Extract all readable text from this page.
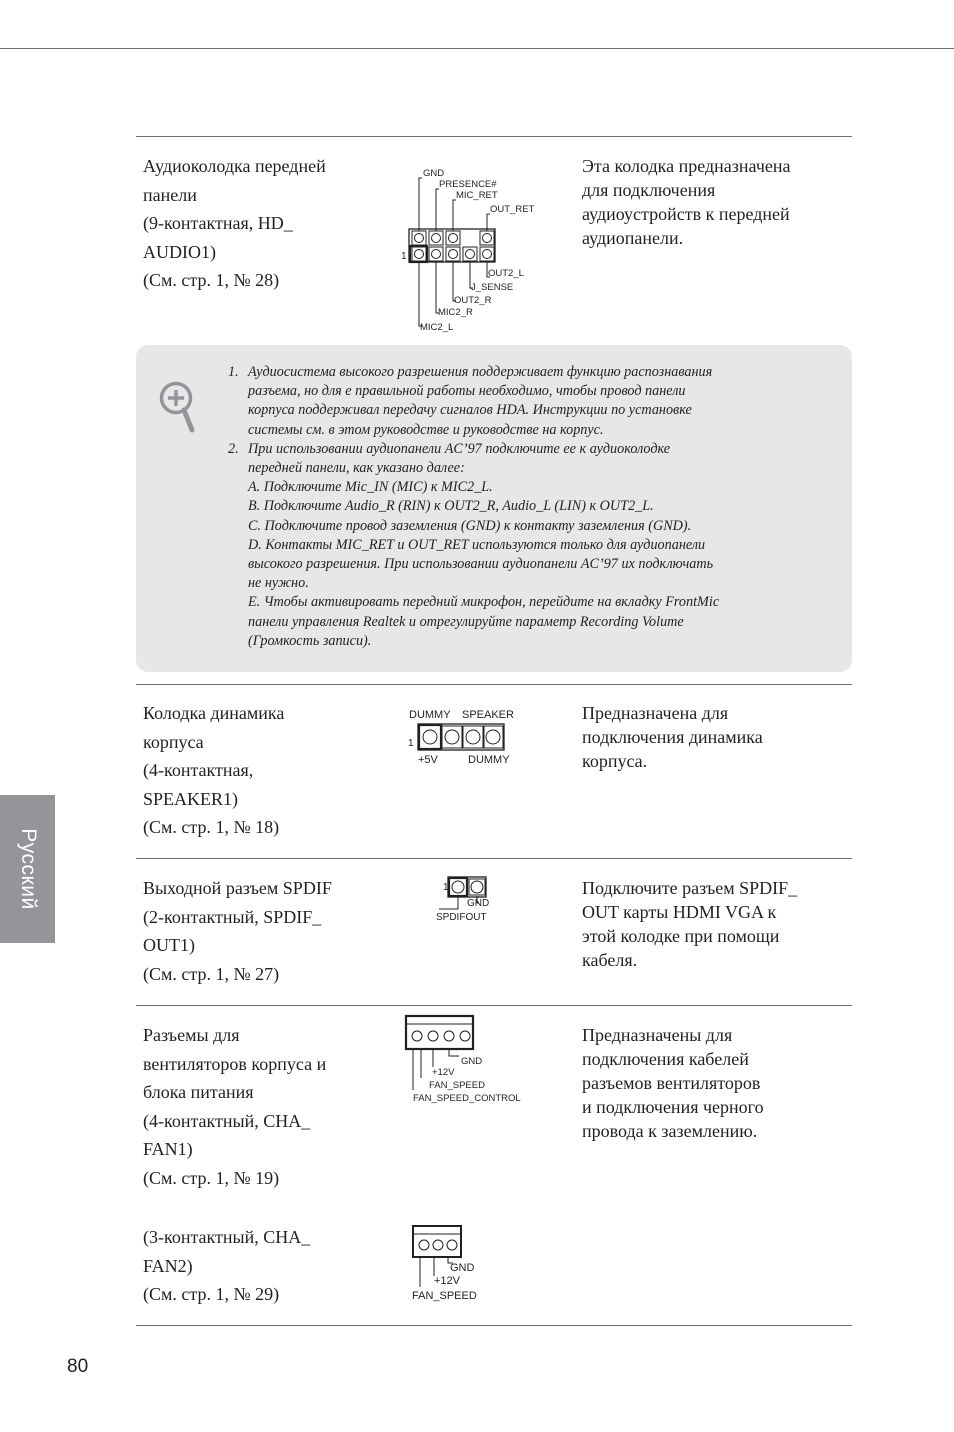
Аудиоколодка передней
панели
(9-контактная, HD_
AUDIO1)
(См. стр. 1, № 28)
GND
PRESENCE#
MIC_RET
OUT_RET
1
OUT2_L
J_SENSE
OUT2_R
MIC2_R
MIC2_L
Эта колодка предназначена
для подключения
аудиоустройств к передней
аудиопанели.
1. Аудиосистема высокого разрешения поддерживает функцию распознавания
разъема, но для е правильной работы необходимо, чтобы провод панели
корпуса поддерживал передачу сигналов HDA. Инструкции по установке
системы см. в этом руководстве и руководстве на корпус.
2. При использовании аудиопанели AC’97 подключите ее к аудиоколодке
передней панели, как указано далее:
A. Подключите Mic_IN (MIC) к MIC2_L.
B. Подключите Audio_R (RIN) к OUT2_R, Audio_L (LIN) к OUT2_L.
C. Подключите провод заземления (GND) к контакту заземления (GND).
D. Контакты MIC_RET и OUT_RET используются только для аудиопанели
высокого разрешения. При использовании аудиопанели AC’97 их подключать
не нужно.
E. Чтобы активировать передний микрофон, перейдите на вкладку FrontMic
панели управления Realtek и отрегулируйте параметр Recording Volume
(Громкость записи).
Колодка динамика
корпуса
(4-контактная,
SPEAKER1)
(См. стр. 1, № 18)
DUMMY SPEAKER
1
+5V	DUMMY
Предназначена для
подключения динамика
корпуса.
Выходной разъем SPDIF
(2-контактный, SPDIF_
OUT1)
(См. стр. 1, № 27)
1
GND
SPDIFOUT
Подключите разъем SPDIF_
OUT карты HDMI VGA к
этой колодке при помощи
кабеля.
Разъемы для
вентиляторов корпуса и
блока питания
(4-контактный, CHA_
FAN1)
(См. стр. 1, № 19)
GND
+12V
FAN_SPEED
FAN_SPEED_CONTROL
Предназначены для
подключения кабелей
разъемов вентиляторов
и подключения черного
провода к заземлению.
(3-контактный, CHA_
FAN2)
(См. стр. 1, № 29)
GND
+12V
FAN_SPEED
Русский
80
